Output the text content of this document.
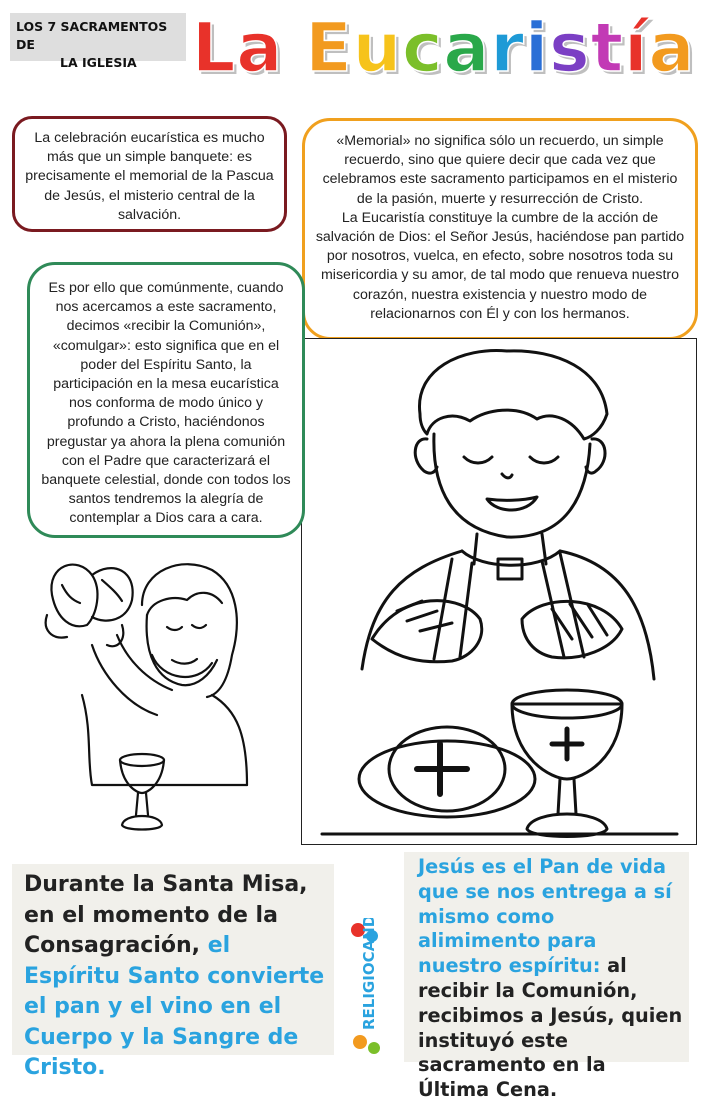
LOS 7 SACRAMENTOS DE
LA IGLESIA La Eucaristía
La celebración eucarística es mucho más que un simple banquete: es precisamente el memorial de la Pascua de Jesús, el misterio central de la salvación.
«Memorial» no significa sólo un recuerdo, un simple recuerdo, sino que quiere decir que cada vez que celebramos este sacramento participamos en el misterio de la pasión, muerte y resurrección de Cristo.
La Eucaristía constituye la cumbre de la acción de salvación de Dios: el Señor Jesús, haciéndose pan partido por nosotros, vuelca, en efecto, sobre nosotros toda su misericordia y su amor, de tal modo que renueva nuestro corazón, nuestra existencia y nuestro modo de relacionarnos con Él y con los hermanos.
Es por ello que comúnmente, cuando nos acercamos a este sacramento, decimos «recibir la Comunión», «comulgar»: esto significa que en el poder del Espíritu Santo, la participación en la mesa eucarística nos conforma de modo único y profundo a Cristo, haciéndonos pregustar ya ahora la plena comunión con el Padre que caracterizará el banquete celestial, donde con todos los santos tendremos la alegría de contemplar a Dios cara a cara.
Durante la Santa Misa, en el momento de la Consagración, el Espíritu Santo convierte el pan y el vino en el Cuerpo y la Sangre de Cristo.
RELIGIOCANDO
Jesús es el Pan de vida que se nos entrega a sí mismo como alimimento para nuestro espíritu: al recibir la Comunión, recibimos a Jesús, quien instituyó este sacramento en la Última Cena.
